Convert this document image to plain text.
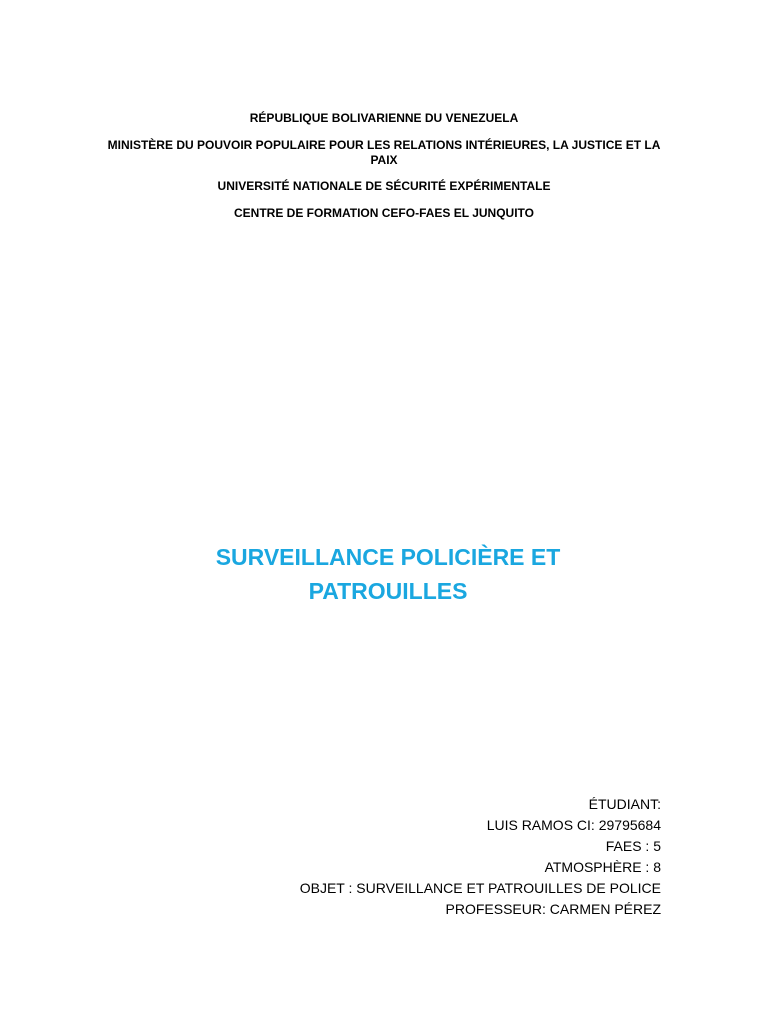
RÉPUBLIQUE BOLIVARIENNE DU VENEZUELA
MINISTÈRE DU POUVOIR POPULAIRE POUR LES RELATIONS INTÉRIEURES, LA JUSTICE ET LA PAIX
UNIVERSITÉ NATIONALE DE SÉCURITÉ EXPÉRIMENTALE
CENTRE DE FORMATION CEFO-FAES EL JUNQUITO
SURVEILLANCE POLICIÈRE ET
PATROUILLES
ÉTUDIANT:
LUIS RAMOS CI: 29795684
FAES : 5
ATMOSPHÈRE : 8
OBJET : SURVEILLANCE ET PATROUILLES DE POLICE
PROFESSEUR: CARMEN PÉREZ
